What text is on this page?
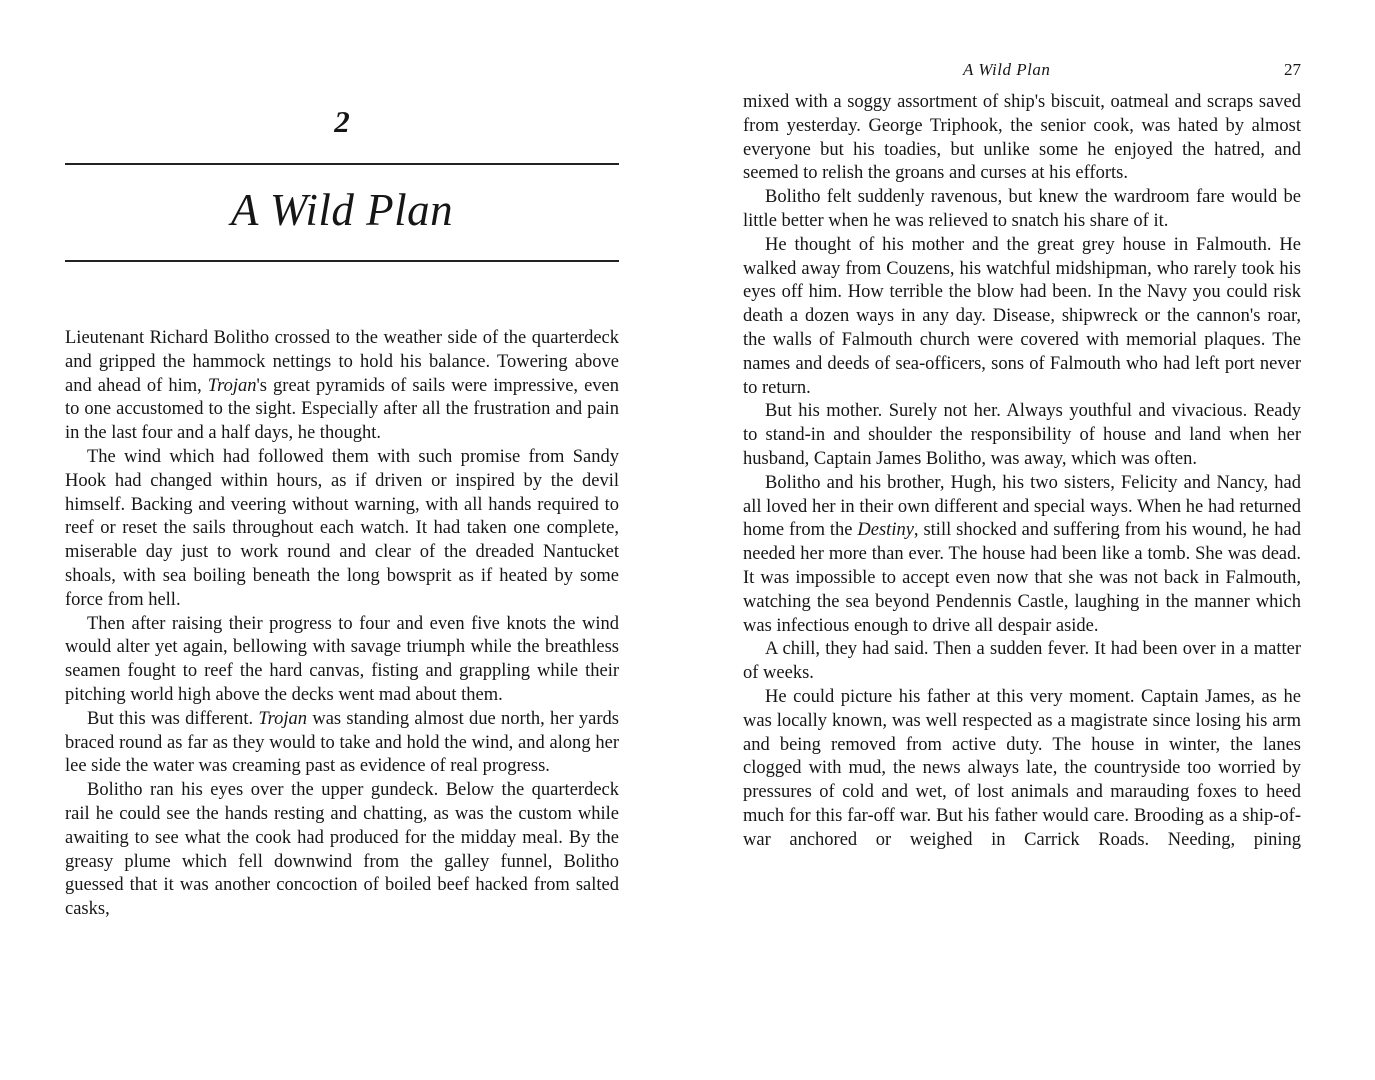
2
A Wild Plan

Lieutenant Richard Bolitho crossed to the weather side of the quarterdeck and gripped the hammock nettings to hold his balance. Towering above and ahead of him, Trojan's great pyramids of sails were impressive, even to one accustomed to the sight. Especially after all the frustration and pain in the last four and a half days, he thought.

The wind which had followed them with such promise from Sandy Hook had changed within hours, as if driven or inspired by the devil himself. Backing and veering without warning, with all hands required to reef or reset the sails throughout each watch. It had taken one complete, miserable day just to work round and clear of the dreaded Nantucket shoals, with sea boiling beneath the long bowsprit as if heated by some force from hell.

Then after raising their progress to four and even five knots the wind would alter yet again, bellowing with savage triumph while the breathless seamen fought to reef the hard canvas, fisting and grappling while their pitching world high above the decks went mad about them.

But this was different. Trojan was standing almost due north, her yards braced round as far as they would to take and hold the wind, and along her lee side the water was creaming past as evidence of real progress.

Bolitho ran his eyes over the upper gundeck. Below the quarterdeck rail he could see the hands resting and chatting, as was the custom while awaiting to see what the cook had produced for the midday meal. By the greasy plume which fell downwind from the galley funnel, Bolitho guessed that it was another concoction of boiled beef hacked from salted casks,

A Wild Plan	27

mixed with a soggy assortment of ship's biscuit, oatmeal and scraps saved from yesterday. George Triphook, the senior cook, was hated by almost everyone but his toadies, but unlike some he enjoyed the hatred, and seemed to relish the groans and curses at his efforts.

Bolitho felt suddenly ravenous, but knew the wardroom fare would be little better when he was relieved to snatch his share of it.

He thought of his mother and the great grey house in Falmouth. He walked away from Couzens, his watchful midshipman, who rarely took his eyes off him. How terrible the blow had been. In the Navy you could risk death a dozen ways in any day. Disease, shipwreck or the cannon's roar, the walls of Falmouth church were covered with memorial plaques. The names and deeds of sea-officers, sons of Falmouth who had left port never to return.

But his mother. Surely not her. Always youthful and vivacious. Ready to stand-in and shoulder the responsibility of house and land when her husband, Captain James Bolitho, was away, which was often.

Bolitho and his brother, Hugh, his two sisters, Felicity and Nancy, had all loved her in their own different and special ways. When he had returned home from the Destiny, still shocked and suffering from his wound, he had needed her more than ever. The house had been like a tomb. She was dead. It was impossible to accept even now that she was not back in Falmouth, watching the sea beyond Pendennis Castle, laughing in the manner which was infectious enough to drive all despair aside.

A chill, they had said. Then a sudden fever. It had been over in a matter of weeks.

He could picture his father at this very moment. Captain James, as he was locally known, was well respected as a magistrate since losing his arm and being removed from active duty. The house in winter, the lanes clogged with mud, the news always late, the countryside too worried by pressures of cold and wet, of lost animals and marauding foxes to heed much for this far-off war. But his father would care. Brooding as a ship-of-war anchored or weighed in Carrick Roads. Needing, pining
